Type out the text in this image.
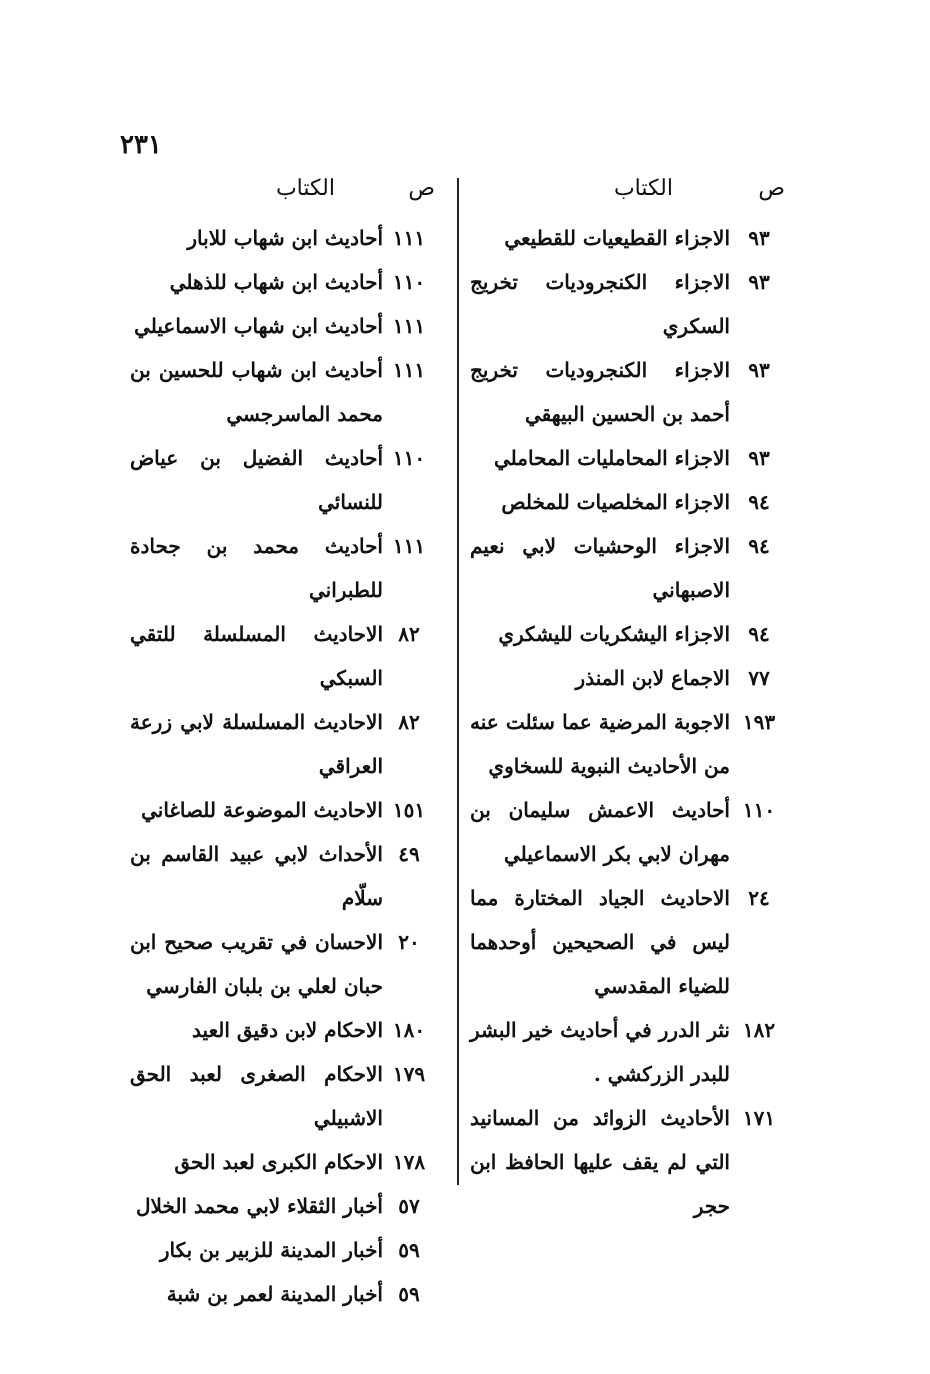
٢٣١
ص
الكتاب
٩٣
الاجزاء القطيعيات للقطيعي
٩٣
الاجزاء الكنجروديات تخريج السكري
٩٣
الاجزاء الكنجروديات تخريج أحمد بن الحسين البيهقي
٩٣
الاجزاء المحامليات المحاملي
٩٤
الاجزاء المخلصيات للمخلص
٩٤
الاجزاء الوحشيات لابي نعيم الاصبهاني
٩٤
الاجزاء اليشكريات لليشكري
٧٧
الاجماع لابن المنذر
١٩٣
الاجوبة المرضية عما سئلت عنه من الأحاديث النبوية للسخاوي
١١٠
أحاديث الاعمش سليمان بن مهران لابي بكر الاسماعيلي
٢٤
الاحاديث الجياد المختارة مما ليس في الصحيحين أوحدهما للضياء المقدسي
١٨٢
نثر الدرر في أحاديث خير البشر للبدر الزركشي .
١٧١
الأحاديث الزوائد من المسانيد التي لم يقف عليها الحافظ ابن حجر
ص
الكتاب
١١١
أحاديث ابن شهاب للابار
١١٠
أحاديث ابن شهاب للذهلي
١١١
أحاديث ابن شهاب الاسماعيلي
١١١
أحاديث ابن شهاب للحسين بن محمد الماسرجسي
١١٠
أحاديث الفضيل بن عياض للنسائي
١١١
أحاديث محمد بن جحادة للطبراني
٨٢
الاحاديث المسلسلة للتقي السبكي
٨٢
الاحاديث المسلسلة لابي زرعة العراقي
١٥١
الاحاديث الموضوعة للصاغاني
٤٩
الأحداث لابي عبيد القاسم بن سلّام
٢٠
الاحسان في تقريب صحيح ابن حبان لعلي بن بلبان الفارسي
١٨٠
الاحكام لابن دقيق العيد
١٧٩
الاحكام الصغرى لعبد الحق الاشبيلي
١٧٨
الاحكام الكبرى لعبد الحق
٥٧
أخبار الثقلاء لابي محمد الخلال
٥٩
أخبار المدينة للزبير بن بكار
٥٩
أخبار المدينة لعمر بن شبة
